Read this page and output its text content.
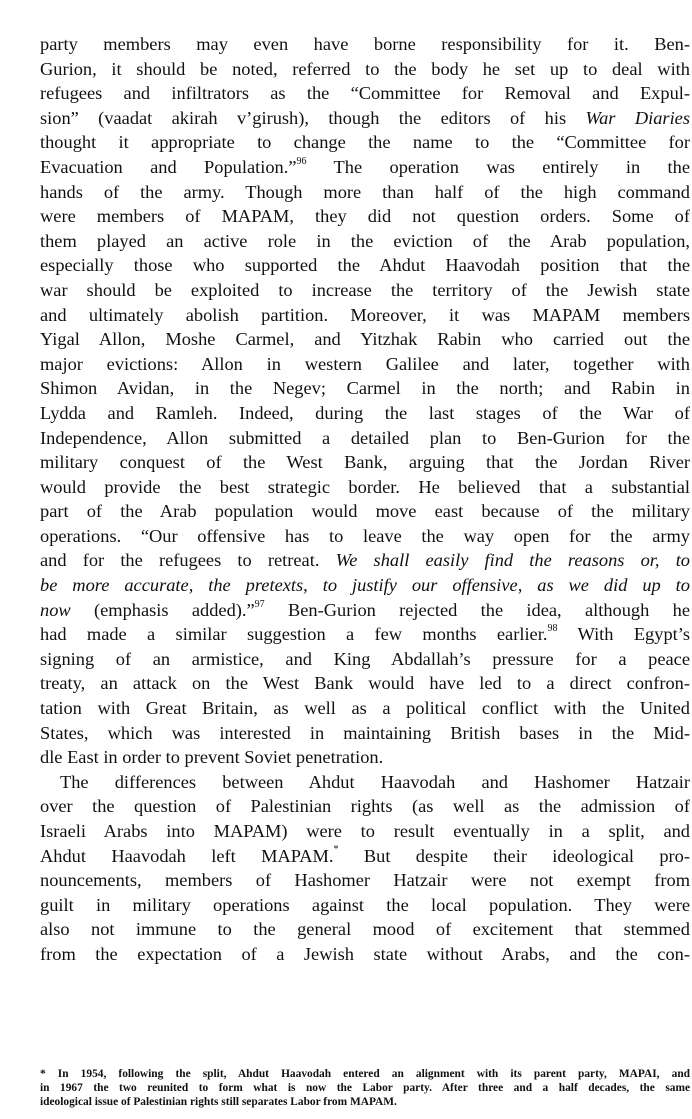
party members may even have borne responsibility for it. Ben-
Gurion, it should be noted, referred to the body he set up to deal with
refugees and infiltrators as the “Committee for Removal and Expul-
sion” (vaadat akirah v’girush), though the editors of his War Diaries
thought it appropriate to change the name to the “Committee for
Evacuation and Population.”$^{96}$ The operation was entirely in the
hands of the army. Though more than half of the high command
were members of MAPAM, they did not question orders. Some of
them played an active role in the eviction of the Arab population,
especially those who supported the Ahdut Haavodah position that the
war should be exploited to increase the territory of the Jewish state
and ultimately abolish partition. Moreover, it was MAPAM members
Yigal Allon, Moshe Carmel, and Yitzhak Rabin who carried out the
major evictions: Allon in western Galilee and later, together with
Shimon Avidan, in the Negev; Carmel in the north; and Rabin in
Lydda and Ramleh. Indeed, during the last stages of the War of
Independence, Allon submitted a detailed plan to Ben-Gurion for the
military conquest of the West Bank, arguing that the Jordan River
would provide the best strategic border. He believed that a substantial
part of the Arab population would move east because of the military
operations. “Our offensive has to leave the way open for the army
and for the refugees to retreat. We shall easily find the reasons or, to
be more accurate, the pretexts, to justify our offensive, as we did up to
now (emphasis added).”$^{97}$ Ben-Gurion rejected the idea, although he
had made a similar suggestion a few months earlier.$^{98}$ With Egypt’s
signing of an armistice, and King Abdallah’s pressure for a peace
treaty, an attack on the West Bank would have led to a direct confron-
tation with Great Britain, as well as a political conflict with the United
States, which was interested in maintaining British bases in the Mid-
dle East in order to prevent Soviet penetration.
The differences between Ahdut Haavodah and Hashomer Hatzair
over the question of Palestinian rights (as well as the admission of
Israeli Arabs into MAPAM) were to result eventually in a split, and
Ahdut Haavodah left MAPAM.* But despite their ideological pro-
nouncements, members of Hashomer Hatzair were not exempt from
guilt in military operations against the local population. They were
also not immune to the general mood of excitement that stemmed
from the expectation of a Jewish state without Arabs, and the con-
* In 1954, following the split, Ahdut Haavodah entered an alignment with its parent party, MAPAI, and
in 1967 the two reunited to form what is now the Labor party. After three and a half decades, the same
ideological issue of Palestinian rights still separates Labor from MAPAM.
